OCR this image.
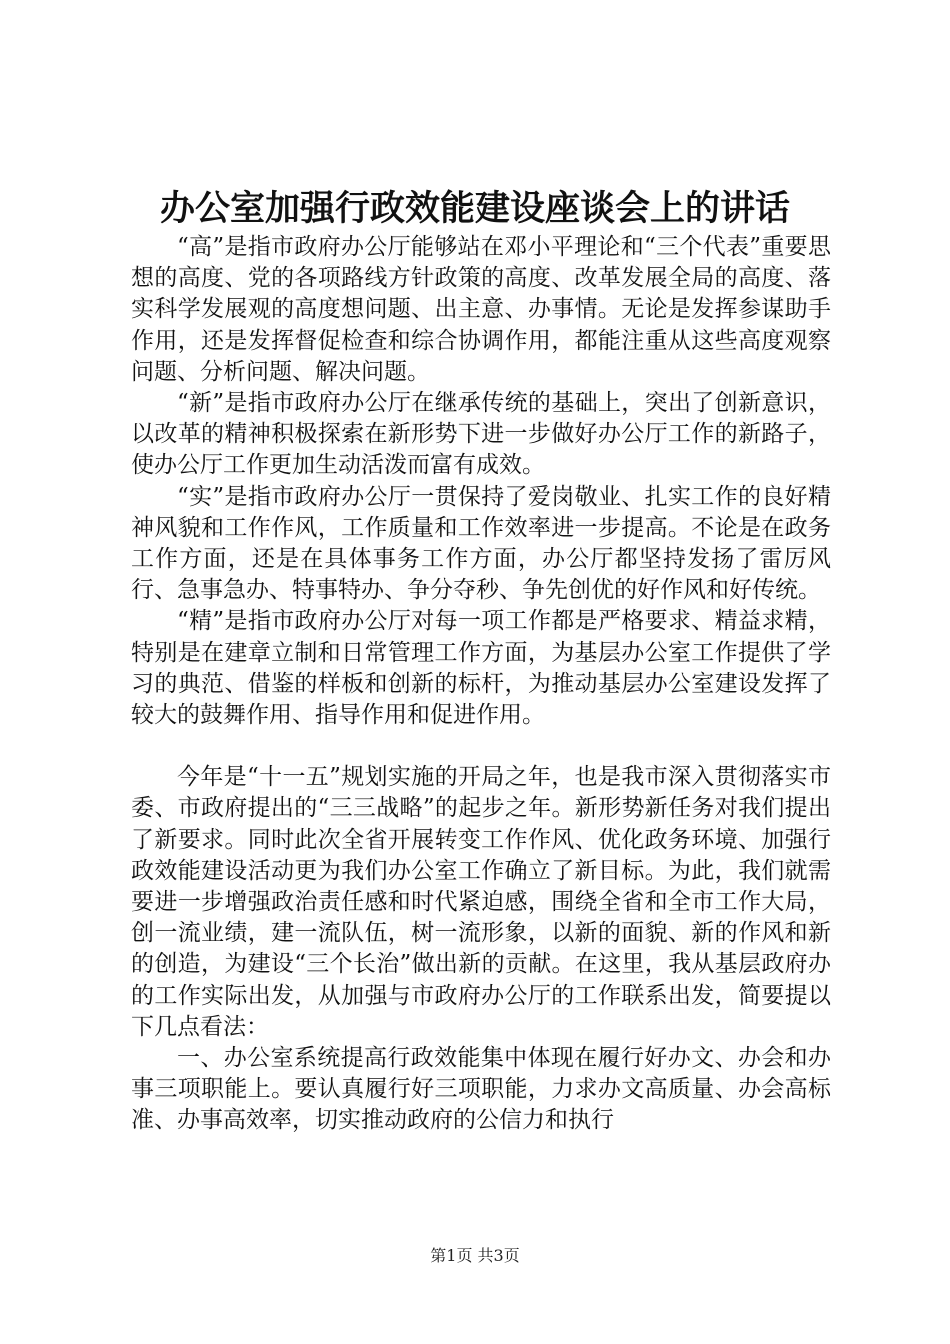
办公室加强行政效能建设座谈会上的讲话

“高”是指市政府办公厅能够站在邓小平理论和“三个代表”重要思想的高度、党的各项路线方针政策的高度、改革发展全局的高度、落实科学发展观的高度想问题、出主意、办事情。无论是发挥参谋助手作用，还是发挥督促检查和综合协调作用，都能注重从这些高度观察问题、分析问题、解决问题。

“新”是指市政府办公厅在继承传统的基础上，突出了创新意识，以改革的精神积极探索在新形势下进一步做好办公厅工作的新路子，使办公厅工作更加生动活泼而富有成效。

“实”是指市政府办公厅一贯保持了爱岗敬业、扎实工作的良好精神风貌和工作作风，工作质量和工作效率进一步提高。不论是在政务工作方面，还是在具体事务工作方面，办公厅都坚持发扬了雷厉风行、急事急办、特事特办、争分夺秒、争先创优的好作风和好传统。

“精”是指市政府办公厅对每一项工作都是严格要求、精益求精，特别是在建章立制和日常管理工作方面，为基层办公室工作提供了学习的典范、借鉴的样板和创新的标杆，为推动基层办公室建设发挥了较大的鼓舞作用、指导作用和促进作用。

今年是“十一五”规划实施的开局之年，也是我市深入贯彻落实市委、市政府提出的“三三战略”的起步之年。新形势新任务对我们提出了新要求。同时此次全省开展转变工作作风、优化政务环境、加强行政效能建设活动更为我们办公室工作确立了新目标。为此，我们就需要进一步增强政治责任感和时代紧迫感，围绕全省和全市工作大局，创一流业绩，建一流队伍，树一流形象，以新的面貌、新的作风和新的创造，为建设“三个长治”做出新的贡献。在这里，我从基层政府办的工作实际出发，从加强与市政府办公厅的工作联系出发，简要提以下几点看法：

一、办公室系统提高行政效能集中体现在履行好办文、办会和办事三项职能上。要认真履行好三项职能，力求办文高质量、办会高标准、办事高效率，切实推动政府的公信力和执行

第1页 共3页
